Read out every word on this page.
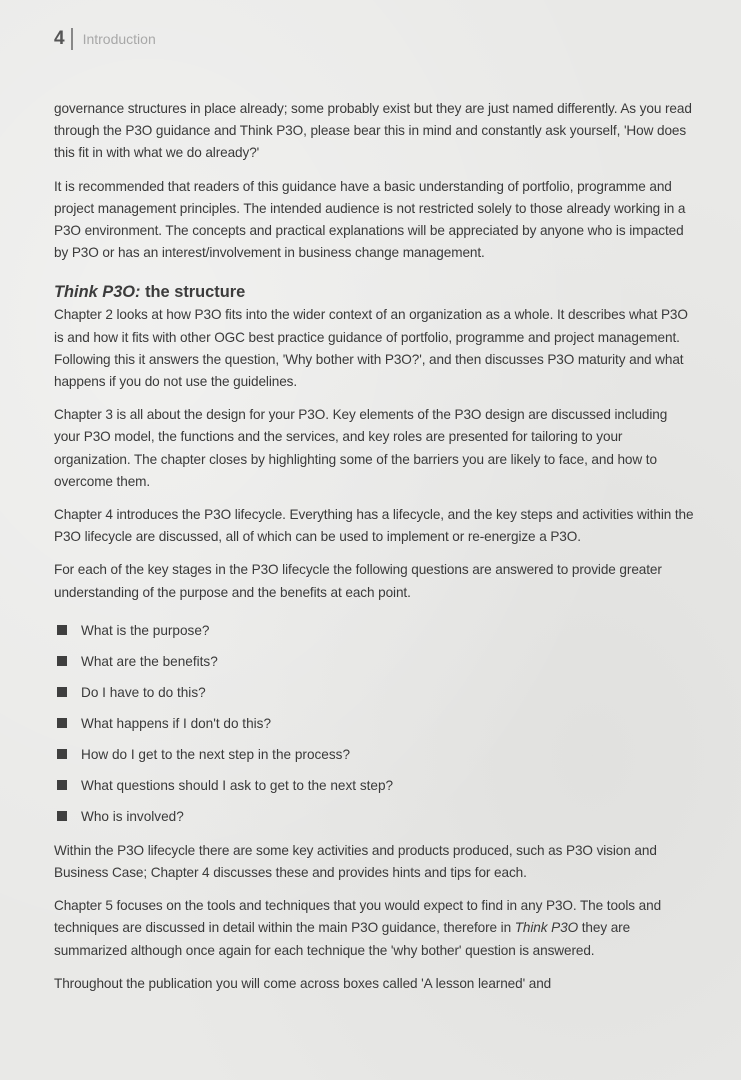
4 Introduction

governance structures in place already; some probably exist but they are just named differently. As you read through the P3O guidance and Think P3O, please bear this in mind and constantly ask yourself, 'How does this fit in with what we do already?'

It is recommended that readers of this guidance have a basic understanding of portfolio, programme and project management principles. The intended audience is not restricted solely to those already working in a P3O environment. The concepts and practical explanations will be appreciated by anyone who is impacted by P3O or has an interest/involvement in business change management.

Think P3O: the structure

Chapter 2 looks at how P3O fits into the wider context of an organization as a whole. It describes what P3O is and how it fits with other OGC best practice guidance of portfolio, programme and project management. Following this it answers the question, 'Why bother with P3O?', and then discusses P3O maturity and what happens if you do not use the guidelines.

Chapter 3 is all about the design for your P3O. Key elements of the P3O design are discussed including your P3O model, the functions and the services, and key roles are presented for tailoring to your organization. The chapter closes by highlighting some of the barriers you are likely to face, and how to overcome them.

Chapter 4 introduces the P3O lifecycle. Everything has a lifecycle, and the key steps and activities within the P3O lifecycle are discussed, all of which can be used to implement or re-energize a P3O.

For each of the key stages in the P3O lifecycle the following questions are answered to provide greater understanding of the purpose and the benefits at each point.

What is the purpose?
What are the benefits?
Do I have to do this?
What happens if I don't do this?
How do I get to the next step in the process?
What questions should I ask to get to the next step?
Who is involved?

Within the P3O lifecycle there are some key activities and products produced, such as P3O vision and Business Case; Chapter 4 discusses these and provides hints and tips for each.

Chapter 5 focuses on the tools and techniques that you would expect to find in any P3O. The tools and techniques are discussed in detail within the main P3O guidance, therefore in Think P3O they are summarized although once again for each technique the 'why bother' question is answered.

Throughout the publication you will come across boxes called 'A lesson learned' and
